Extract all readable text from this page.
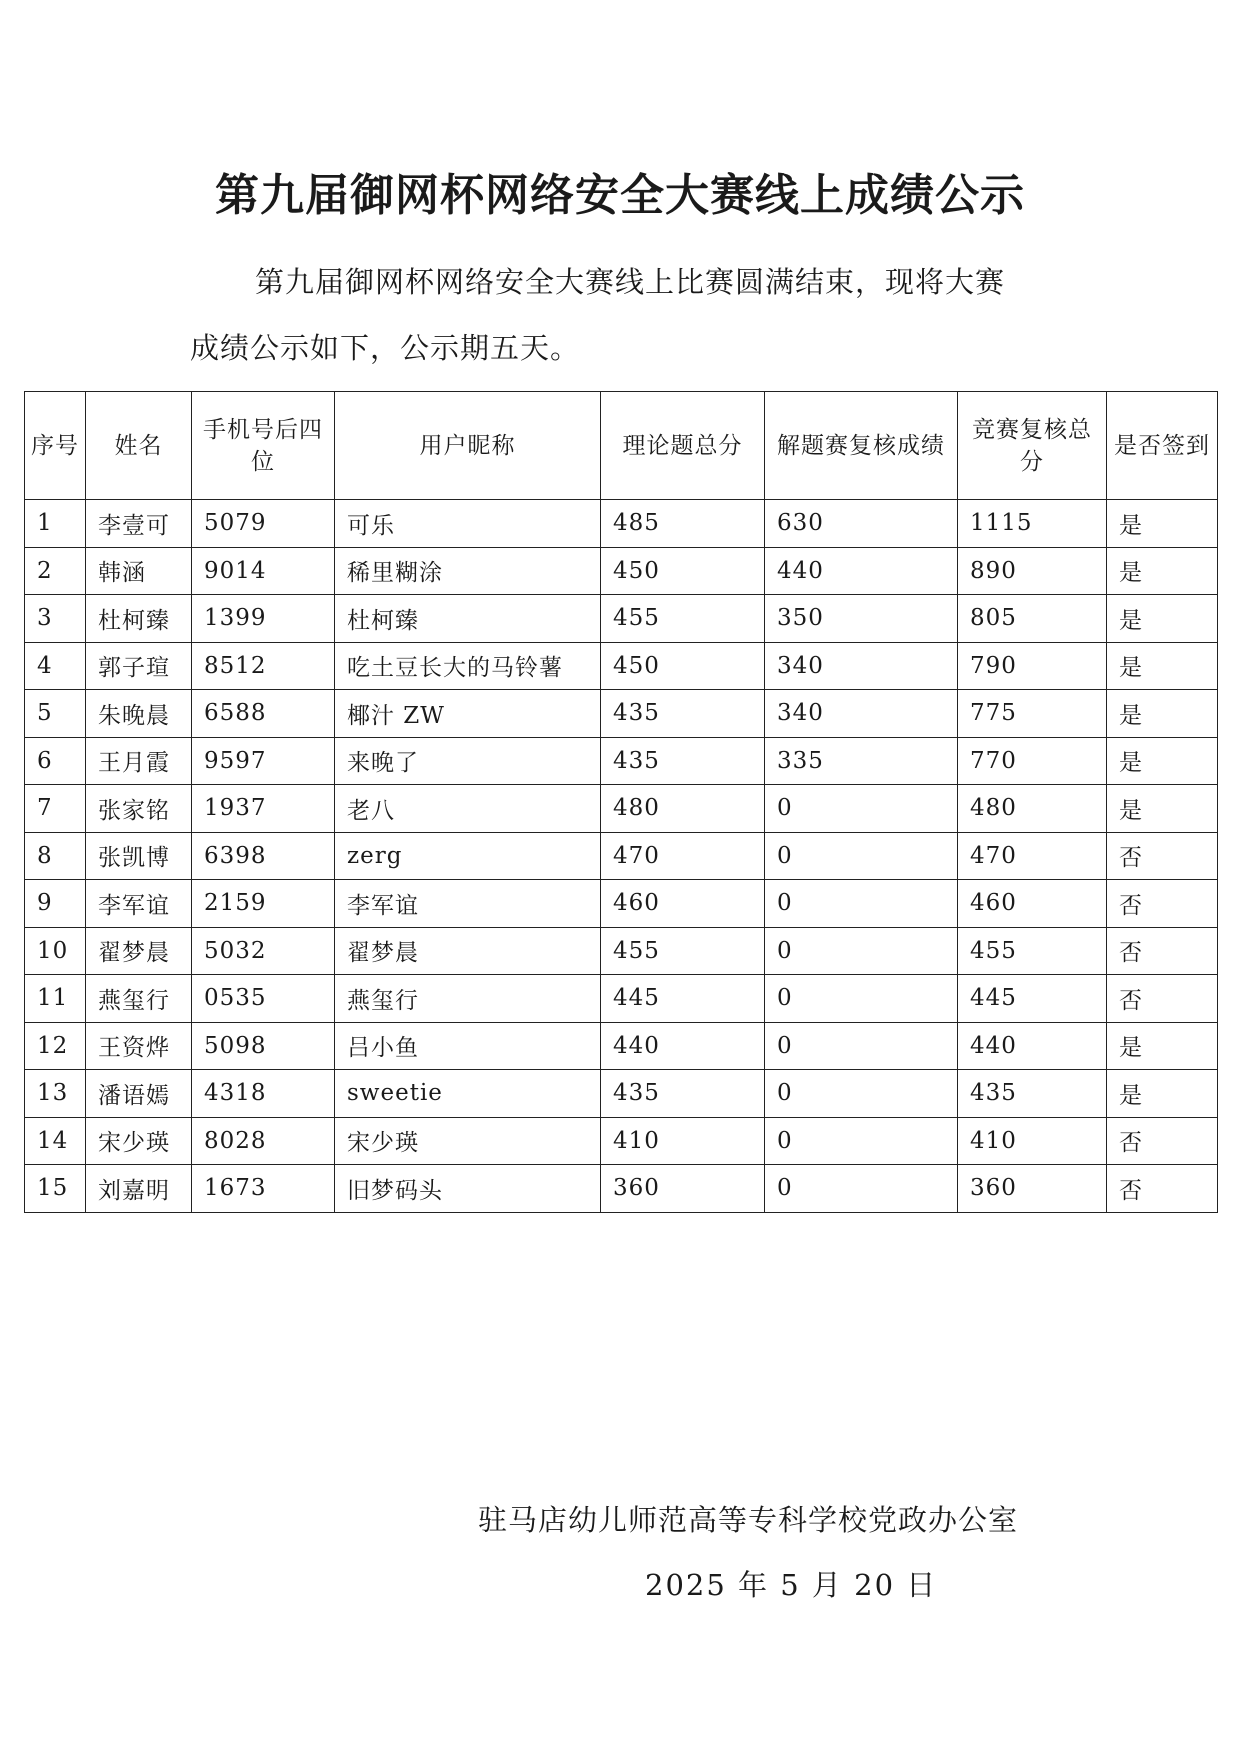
第九届御网杯网络安全大赛线上成绩公示
第九届御网杯网络安全大赛线上比赛圆满结束，现将大赛
成绩公示如下，公示期五天。
序号	姓名	手机号后四位	用户昵称	理论题总分	解题赛复核成绩	竞赛复核总分	是否签到
1	李壹可	5079	可乐	485	630	1115	是
2	韩涵	9014	稀里糊涂	450	440	890	是
3	杜柯臻	1399	杜柯臻	455	350	805	是
4	郭子瑄	8512	吃土豆长大的马铃薯	450	340	790	是
5	朱晚晨	6588	椰汁 ZW	435	340	775	是
6	王月霞	9597	来晚了	435	335	770	是
7	张家铭	1937	老八	480	0	480	是
8	张凯博	6398	zerg	470	0	470	否
9	李军谊	2159	李军谊	460	0	460	否
10	翟梦晨	5032	翟梦晨	455	0	455	否
11	燕玺行	0535	燕玺行	445	0	445	否
12	王资烨	5098	吕小鱼	440	0	440	是
13	潘语嫣	4318	sweetie	435	0	435	是
14	宋少瑛	8028	宋少瑛	410	0	410	否
15	刘嘉明	1673	旧梦码头	360	0	360	否
驻马店幼儿师范高等专科学校党政办公室
2025 年 5 月 20 日
